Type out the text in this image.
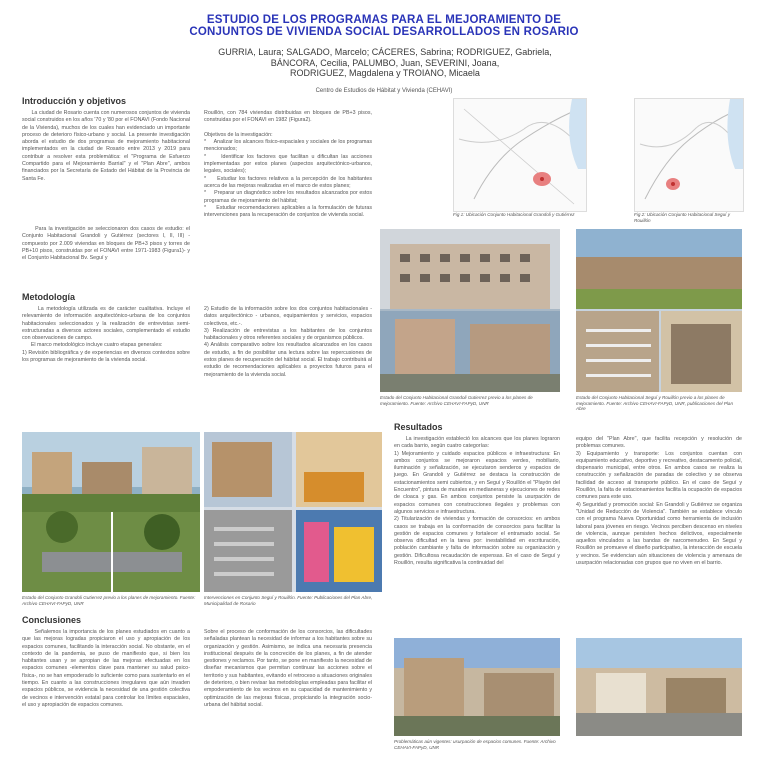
ESTUDIO DE LOS PROGRAMAS PARA EL MEJORAMIENTO DE
CONJUNTOS DE VIVIENDA SOCIAL DESARROLLADOS EN ROSARIO
GURRIA, Laura; SALGADO, Marcelo; CÁCERES, Sabrina; RODRIGUEZ, Gabriela,
BÁNCORA, Cecilia, PALUMBO, Juan, SEVERINI, Joana,
RODRIGUEZ, Magdalena y TROIANO, Micaela
Centro de Estudios de Hábitat y Vivienda (CEHAVI)
Introducción y objetivos
La ciudad de Rosario cuenta con numerosos conjuntos de vivienda social construidos en los años '70 y '80 por el FONAVI (Fondo Nacional de la Vivienda), muchos de los cuales han evidenciado un importante proceso de deterioro físico-urbano y social. La presente investigación aborda el estudio de dos programas de mejoramiento habitacional implementados en la ciudad de Rosario entre 2013 y 2019 para contribuir a resolver esta problemática: el "Programa de Esfuerzo Compartido para el Mejoramiento Barrial" y el "Plan Abre", ambos financiados por la Secretaría de Estado del Hábitat de la Provincia de Santa Fe.
Para la investigación se seleccionaron dos casos de estudio: el Conjunto Habitacional Grandoli y Gutiérrez (sectores I, II, III) -compuesto por 2.009 viviendas en bloques de PB+3 pisos y torres de PB+10 pisos, construidas por el FONAVI entre 1971-1983 (Figura1)- y el Conjunto Habitacional Bv. Seguí y
Rouillón, con 784 viviendas distribuidas en bloques de PB+3 pisos, construidas por el FONAVI en 1982 (Figura2).

Objetivos de la investigación:
*     Analizar los alcances físico-espaciales y sociales de los programas mencionados;
*     Identificar los factores que facilitan u dificultan las acciones implementadas por estos planes (aspectos arquitectónico-urbanos, legales, sociales);
*     Estudiar los factores relativos a la percepción de los habitantes acerca de las mejoras realizadas en el marco de estos planes;
*     Preparar un diagnóstico sobre los resultados alcanzados por estos programas de mejoramiento del hábitat;
*     Estudiar recomendaciones aplicables a la formulación de futuras intervenciones para la recuperación de conjuntos de vivienda social.
Metodología
La metodología utilizada es de carácter cualitativa. Incluye el relevamiento de información arquitectónico-urbana de los conjuntos habitacionales seleccionados y la realización de entrevistas semi-estructuradas a diversos actores sociales, complementado el estudio con observaciones de campo.
El marco metodológico incluye cuatro etapas generales:
1) Revisión bibliográfica y de experiencias en diversos contextos sobre los programas de mejoramiento de la vivienda social.
2) Estudio de la información sobre los dos conjuntos habitacionales -datos arquitectónico - urbanos, equipamientos y servicios, espacios colectivos, etc.-.
3) Realización de entrevistas a los habitantes de los conjuntos habitacionales y otros referentes sociales y de organismos públicos.
4) Análisis comparativo sobre los resultados alcanzados en los casos de estudio, a fin de posibilitar una lectura sobre las repercusiones de estos planes de recuperación del hábitat social. El trabajo contribuirá al estudio de recomendaciones aplicables a proyectos futuros para el mejoramiento de la vivienda social.
Estado del Conjunto Grandoli Gutierrez previo a los planes de mejoramiento. Fuente: Archivo CEHAVI-FAPyD, UNR
Intervenciones en Conjunto Seguí y Rouillón. Fuente: Publicaciones del Plan Abre, Municipalidad de Rosario
Conclusiones
Señalemos la importancia de los planes estudiados en cuanto a que las mejoras logradas propiciaron el uso y apropiación de los espacios comunes, facilitando la interacción social. No obstante, en el contexto de la pandemia, se puso de manifiesto que, si bien los habitantes usan y se apropian de las mejoras efectuadas en los espacios comunes -elementos clave para mantener su salud psico-física-, no se han empoderado lo suficiente como para sustentarlo en el tiempo. En cuanto a las construcciones irregulares que aún invaden espacios públicos, se evidencia la necesidad de una gestión colectiva de vecinos e intervención estatal para controlar los límites espaciales, el uso y apropiación de espacios comunes.
Sobre el proceso de conformación de los consorcios, las dificultades señaladas plantean la necesidad de informar a los habitantes sobre su organización y gestión. Asimismo, se indica una necesaria presencia institucional después de la concreción de los planes, a fin de atender gestiones y reclamos. Por tanto, se pone en manifiesto la necesidad de diseñar mecanismos que permitan continuar las acciones sobre el territorio y sus habitantes, evitando el retroceso a situaciones originales de deterioro, o bien revisar las metodologías empleadas para facilitar el empoderamiento de los vecinos en su capacidad de mantenimiento y optimización de las mejoras físicas, propiciando la integración socio-urbana del hábitat social.
Fig 1: Ubicación Conjunto Habitacional Grandoli y Gutiérrez	Fig 2: Ubicación Conjunto Habitacional Seguí y Rouillón
Estado del Conjunto Habitacional Grandoli Gutierrez previo a los planes de mejoramiento. Fuente: Archivo CEHAVI-FAPyD, UNR
Estado del Conjunto Habitacional Seguí y Rouillón previo a los planes de mejoramiento. Fuente: Archivo CEHAVI-FAPyD, UNR, publicaciones del Plan Abre
Resultados
La investigación estableció los alcances que los planes lograron en cada barrio, según cuatro categorías:
1) Mejoramiento y cuidado espacios públicos e infraestructura: En ambos conjuntos se mejoraron espacios verdes, mobiliario, iluminación y señalización, se ejecutaron senderos y espacios de juego. En Grandoli y Gutiérrez se destaca la construcción de estacionamientos semi cubiertos, y en Seguí y Rouillón el "Playón del Encuentro", pintura de murales en medianeras y ejecuciones de redes de cloaca y gas. En ambos conjuntos persiste la usurpación de espacios comunes con construcciones ilegales y problemas con algunos servicios e infraestructura.
2) Titularización de viviendas y formación de consorcios: en ambos casos se trabaja en la conformación de consorcios para facilitar la gestión de espacios comunes y fortalecer el entramado social. Se observa dificultad en la tarea por: inestabilidad en escrituración, población cambiante y falta de información sobre su organización y gestión. Dificultosa recaudación de expensas. En el caso de Seguí y Rouillón, resulta significativa la continuidad del
equipo del "Plan Abre", que facilita recepción y resolución de problemas comunes.
3) Equipamiento y transporte: Los conjuntos cuentan con equipamiento educativo, deportivo y recreativo, destacamento policial, dispensario municipal, entre otros. En ambos casos se realiza la construcción y señalización de paradas de colectivo y se observa facilidad de acceso al transporte público. En el caso de Seguí y Rouillón, la falta de estacionamientos facilita la ocupación de espacios comunes para este uso.
4) Seguridad y promoción social: En Grandoli y Gutiérrez se organiza "Unidad de Reducción de Violencia". También se establece vínculo con el programa Nueva Oportunidad como herramienta de inclusión laboral para jóvenes en riesgo. Vecinos perciben descenso en niveles de violencia, aunque persisten hechos delictivos, especialmente aquellos vinculados a las bandas de narcomenudeo. En Seguí y Rouillón se promueve el diseño participativo, la interacción de escuela y vecinos. Se evidencian aún situaciones de violencia y amenaza de usurpación relacionadas con grupos que no viven en el barrio.
Problemáticas aún vigentes: usurpación de espacios comunes. Fuente: Archivo CEHAVI-FAPyD, UNR
